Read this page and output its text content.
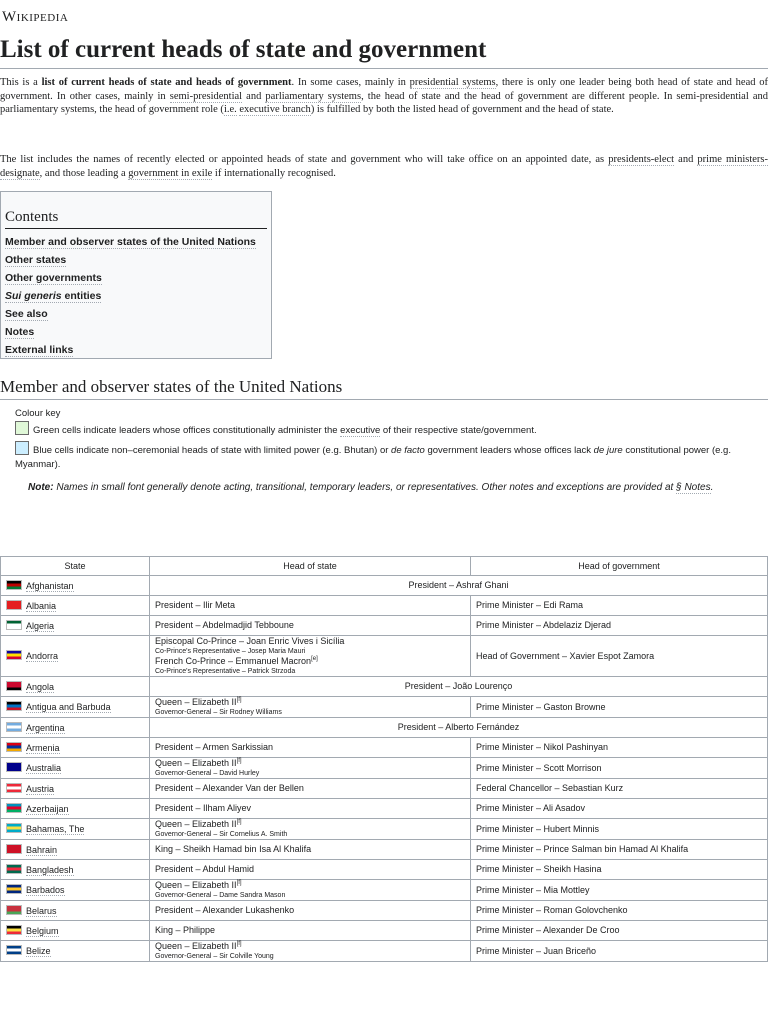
Wikipedia
List of current heads of state and government

This is a list of current heads of state and heads of government. In some cases, mainly in presidential systems, there is only one leader being both head of state and head of government. In other cases, mainly in semi-presidential and parliamentary systems, the head of state and the head of government are different people. In semi-presidential and parliamentary systems, the head of government role (i.e. executive branch) is fulfilled by both the listed head of government and the head of state.

The list includes the names of recently elected or appointed heads of state and government who will take office on an appointed date, as presidents-elect and prime ministers-designate, and those leading a government in exile if internationally recognised.

Contents
Member and observer states of the United Nations
Other states
Other governments
Sui generis entities
See also
Notes
External links
Member and observer states of the United Nations
Colour key
Green cells indicate leaders whose offices constitutionally administer the executive of their respective state/government.
Blue cells indicate non–ceremonial heads of state with limited power (e.g. Bhutan) or de facto government leaders whose offices lack de jure constitutional power (e.g. Myanmar).
Note: Names in small font generally denote acting, transitional, temporary leaders, or representatives. Other notes and exceptions are provided at § Notes.
State	Head of state	Head of government
Afghanistan	President – Ashraf Ghani	
Albania	President – Ilir Meta	Prime Minister – Edi Rama
Algeria	President – Abdelmadjid Tebboune	Prime Minister – Abdelaziz Djerad
Andorra	Episcopal Co-Prince – Joan Enric Vives i Sicília
Co-Prince's Representative – Josep Maria Mauri
French Co-Prince – Emmanuel Macron[e]
Co-Prince's Representative – Patrick Strzoda	Head of Government – Xavier Espot Zamora
Angola	President – João Lourenço	
Antigua and Barbuda	Queen – Elizabeth II[f]
Governor-General – Sir Rodney Williams	Prime Minister – Gaston Browne
Argentina	President – Alberto Fernández	
Armenia	President – Armen Sarkissian	Prime Minister – Nikol Pashinyan
Australia	Queen – Elizabeth II[f]
Governor-General – David Hurley	Prime Minister – Scott Morrison
Austria	President – Alexander Van der Bellen	Federal Chancellor – Sebastian Kurz
Azerbaijan	President – Ilham Aliyev	Prime Minister – Ali Asadov
Bahamas, The	Queen – Elizabeth II[f]
Governor-General – Sir Cornelius A. Smith	Prime Minister – Hubert Minnis
Bahrain	King – Sheikh Hamad bin Isa Al Khalifa	Prime Minister – Prince Salman bin Hamad Al Khalifa
Bangladesh	President – Abdul Hamid	Prime Minister – Sheikh Hasina
Barbados	Queen – Elizabeth II[f]
Governor-General – Dame Sandra Mason	Prime Minister – Mia Mottley
Belarus	President – Alexander Lukashenko	Prime Minister – Roman Golovchenko
Belgium	King – Philippe	Prime Minister – Alexander De Croo
Belize	Queen – Elizabeth II[f]
Governor-General – Sir Colville Young	Prime Minister – Juan Briceño
